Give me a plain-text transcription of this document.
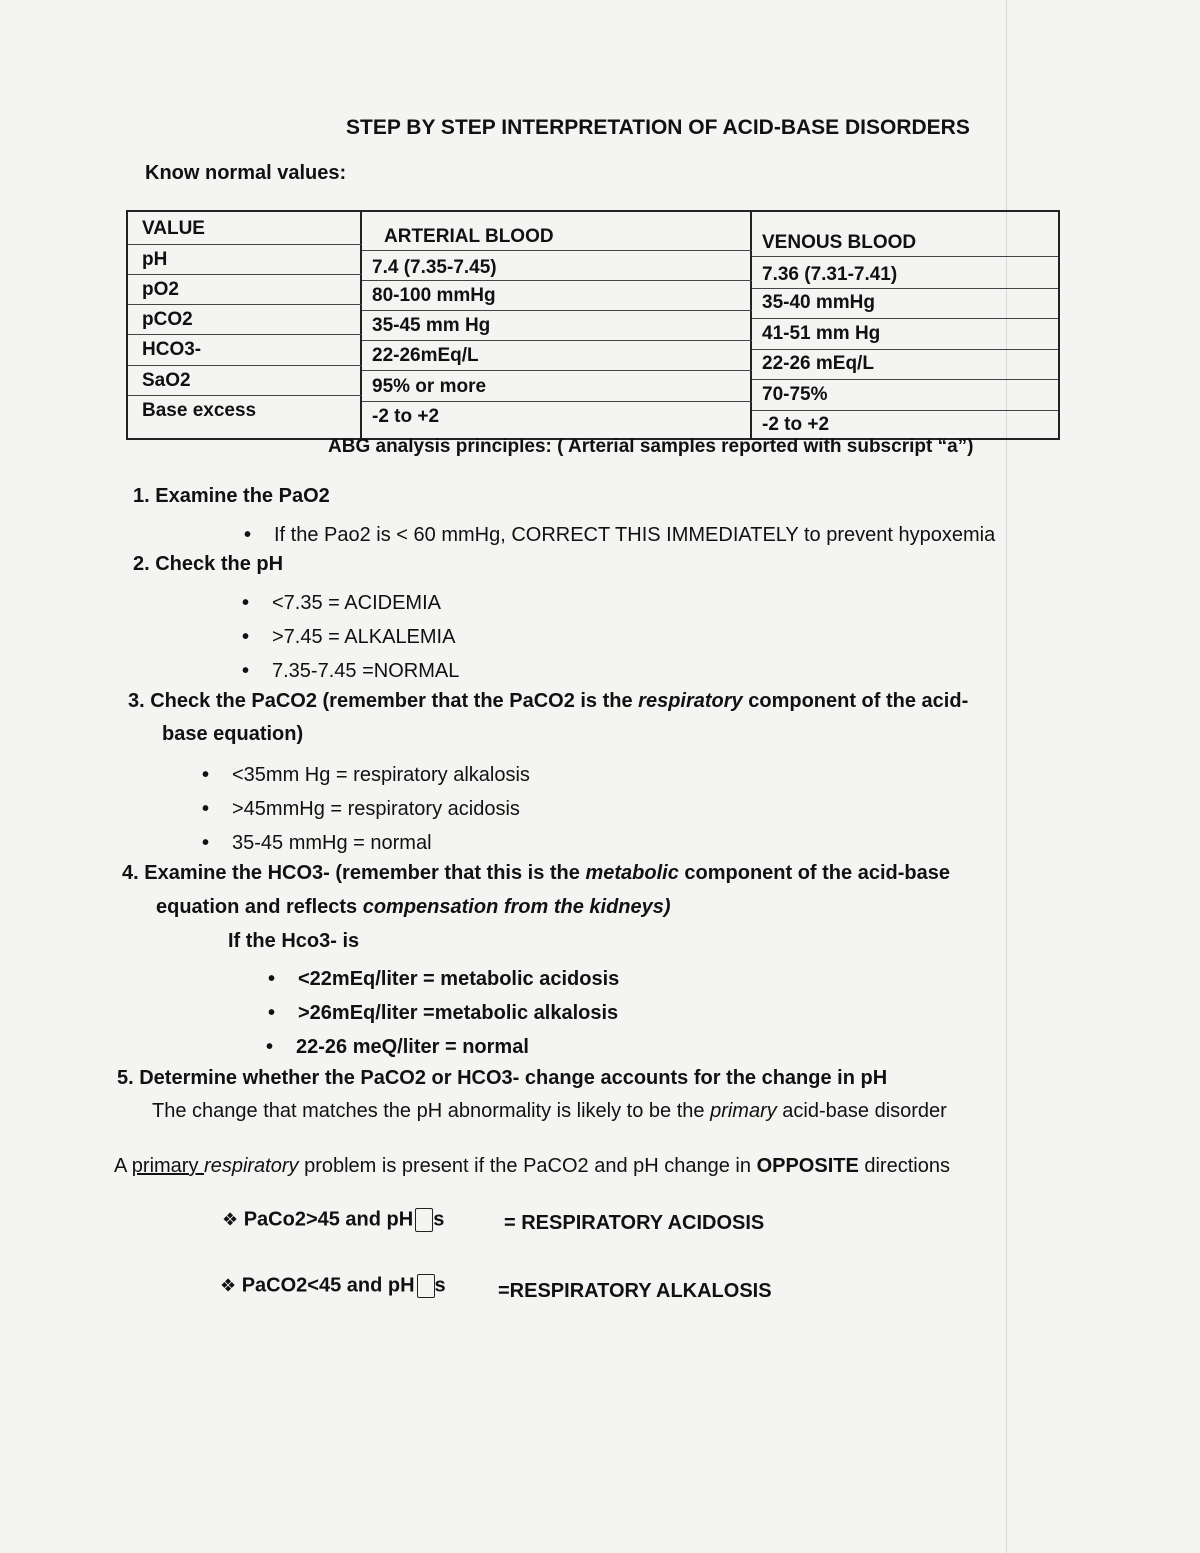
STEP BY STEP INTERPRETATION OF ACID-BASE DISORDERS
Know normal values:
VALUE	ARTERIAL BLOOD	VENOUS BLOOD
pH	7.4 (7.35-7.45)	7.36 (7.31-7.41)
pO2	80-100 mmHg	35-40 mmHg
pCO2	35-45 mm Hg	41-51 mm Hg
HCO3-	22-26mEq/L	22-26 mEq/L
SaO2	95% or more	70-75%
Base excess	-2 to +2	-2 to +2
ABG analysis principles: ( Arterial samples reported with subscript “a”)
1. Examine the PaO2
• If the Pao2 is < 60 mmHg, CORRECT THIS IMMEDIATELY to prevent hypoxemia
2. Check the pH
• <7.35 = ACIDEMIA
• >7.45 = ALKALEMIA
• 7.35-7.45 =NORMAL
3. Check the PaCO2 (remember that the PaCO2 is the respiratory component of the acid-
base equation)
• <35mm Hg = respiratory alkalosis
• >45mmHg = respiratory acidosis
• 35-45 mmHg = normal
4. Examine the HCO3- (remember that this is the metabolic component of the acid-base
equation and reflects compensation from the kidneys)
If the Hco3- is
• <22mEq/liter = metabolic acidosis
• >26mEq/liter =metabolic alkalosis
• 22-26 meQ/liter = normal
5. Determine whether the PaCO2 or HCO3- change accounts for the change in pH
The change that matches the pH abnormality is likely to be the primary acid-base disorder
A primary respiratory problem is present if the PaCO2 and pH change in OPPOSITE directions
❖ PaCo2>45 and pH s	= RESPIRATORY ACIDOSIS
❖ PaCO2<45 and pH s	=RESPIRATORY ALKALOSIS
